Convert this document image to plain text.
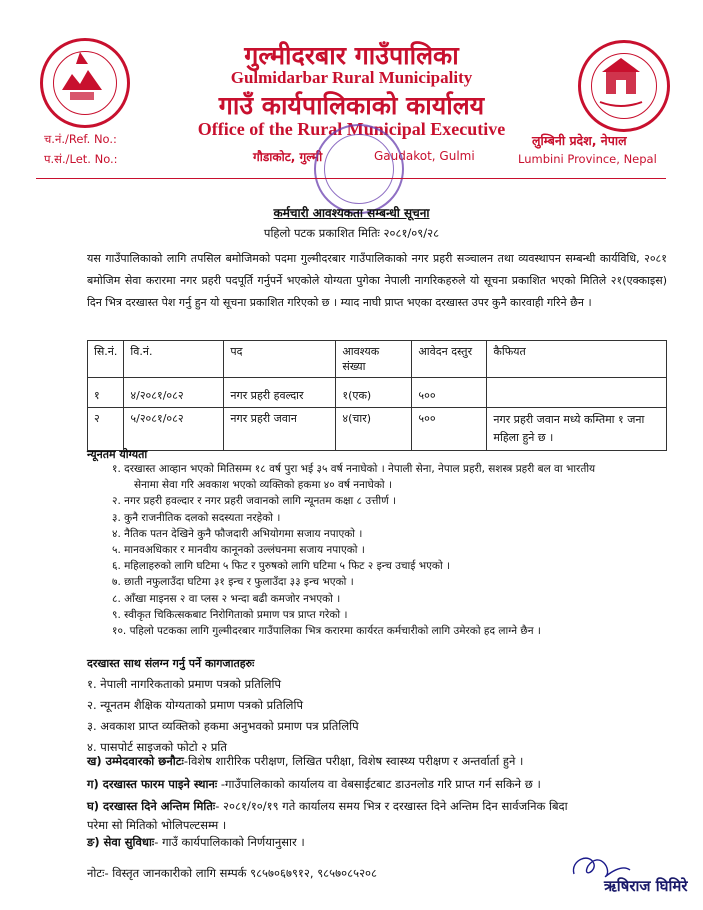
गुल्मीदरबार गाउँपालिका
Gulmidarbar Rural Municipality
गाउँ कार्यपालिकाको कार्यालय
Office of the Rural Municipal Executive
च.नं./Ref. No.:
प.सं./Let. No.:	गौडाकोट, गुल्मी	Gaudakot, Gulmi
लुम्बिनी प्रदेश, नेपाल
Lumbini Province, Nepal
कर्मचारी आवश्यकता सम्बन्धी सूचना
पहिलो पटक प्रकाशित मितिः २०८१/०९/२८
यस गाउँपालिकाको लागि तपसिल बमोजिमको पदमा गुल्मीदरबार गाउँपालिकाको नगर प्रहरी सञ्चालन तथा व्यवस्थापन सम्बन्धी कार्यविधि, २०८१ बमोजिम सेवा करारमा नगर प्रहरी पदपूर्ति गर्नुपर्ने भएकोले योग्यता पुगेका नेपाली नागरिकहरुले यो सूचना प्रकाशित भएको मितिले २१(एक्काइस) दिन भित्र दरखास्त पेश गर्नु हुन यो सूचना प्रकाशित गरिएको छ । म्याद नाघी प्राप्त भएका दरखास्त उपर कुनै कारवाही गरिने छैन ।
सि.नं.	वि.नं.	पद	आवश्यक संख्या	आवेदन दस्तुर	कैफियत
१	४/२०८१/०८२	नगर प्रहरी हवल्दार	१(एक)	५००	
२	५/२०८१/०८२	नगर प्रहरी जवान	४(चार)	५००	नगर प्रहरी जवान मध्ये कम्तिमा १ जना महिला हुने छ ।
न्यूनतम योग्यता
१. दरखास्त आव्हान भएको मितिसम्म १८ वर्ष पुरा भई ३५ वर्ष ननाघेको । नेपाली सेना, नेपाल प्रहरी, सशस्त्र प्रहरी बल वा भारतीय
सेनामा सेवा गरि अवकाश भएको व्यक्तिको हकमा ४० वर्ष ननाघेको ।
२. नगर प्रहरी हवल्दार र नगर प्रहरी जवानको लागि न्यूनतम कक्षा ८ उत्तीर्ण ।
३. कुनै राजनीतिक दलको सदस्यता नरहेको ।
४. नैतिक पतन देखिने कुनै फौजदारी अभियोगमा सजाय नपाएको ।
५. मानवअधिकार र मानवीय कानूनको उल्लंघनमा सजाय नपाएको ।
६. महिलाहरुको लागि घटिमा ५ फिट र पुरुषको लागि घटिमा ५ फिट २ इन्च उचाई भएको ।
७. छाती नफुलाउँदा घटिमा ३१ इन्च र फुलाउँदा ३३ इन्च भएको ।
८. आँखा माइनस २ वा प्लस २ भन्दा बढी कमजोर नभएको ।
९. स्वीकृत चिकित्सकबाट निरोगिताको प्रमाण पत्र प्राप्त गरेको ।
१०. पहिलो पटकका लागि गुल्मीदरबार गाउँपालिका भित्र करारमा कार्यरत कर्मचारीको लागि उमेरको हद लाग्ने छैन ।
दरखास्त साथ संलग्न गर्नु पर्ने कागजातहरुः
१. नेपाली नागरिकताको प्रमाण पत्रको प्रतिलिपि
२. न्यूनतम शैक्षिक योग्यताको प्रमाण पत्रको प्रतिलिपि
३. अवकाश प्राप्त व्यक्तिको हकमा अनुभवको प्रमाण पत्र प्रतिलिपि
४. पासपोर्ट साइजको फोटो २ प्रति
ख) उम्मेदवारको छनौटः-विशेष शारीरिक परीक्षण, लिखित परीक्षा, विशेष स्वास्थ्य परीक्षण र अन्तर्वार्ता हुने ।
ग) दरखास्त फारम पाइने स्थानः -गाउँपालिकाको कार्यालय वा वेबसाईटबाट डाउनलोड गरि प्राप्त गर्न सकिने छ ।
घ) दरखास्त दिने अन्तिम मितिः- २०८१/१०/१९ गते कार्यालय समय भित्र र दरखास्त दिने अन्तिम दिन सार्वजनिक बिदा
परेमा सो मितिको भोलिपल्टसम्म ।
ङ) सेवा सुविधाः- गाउँ कार्यपालिकाको निर्णयानुसार ।
नोटः- विस्तृत जानकारीको लागि सम्पर्क ९८५७०६७९१२, ९८५७०८५२०८
ऋषिराज घिमिरे
